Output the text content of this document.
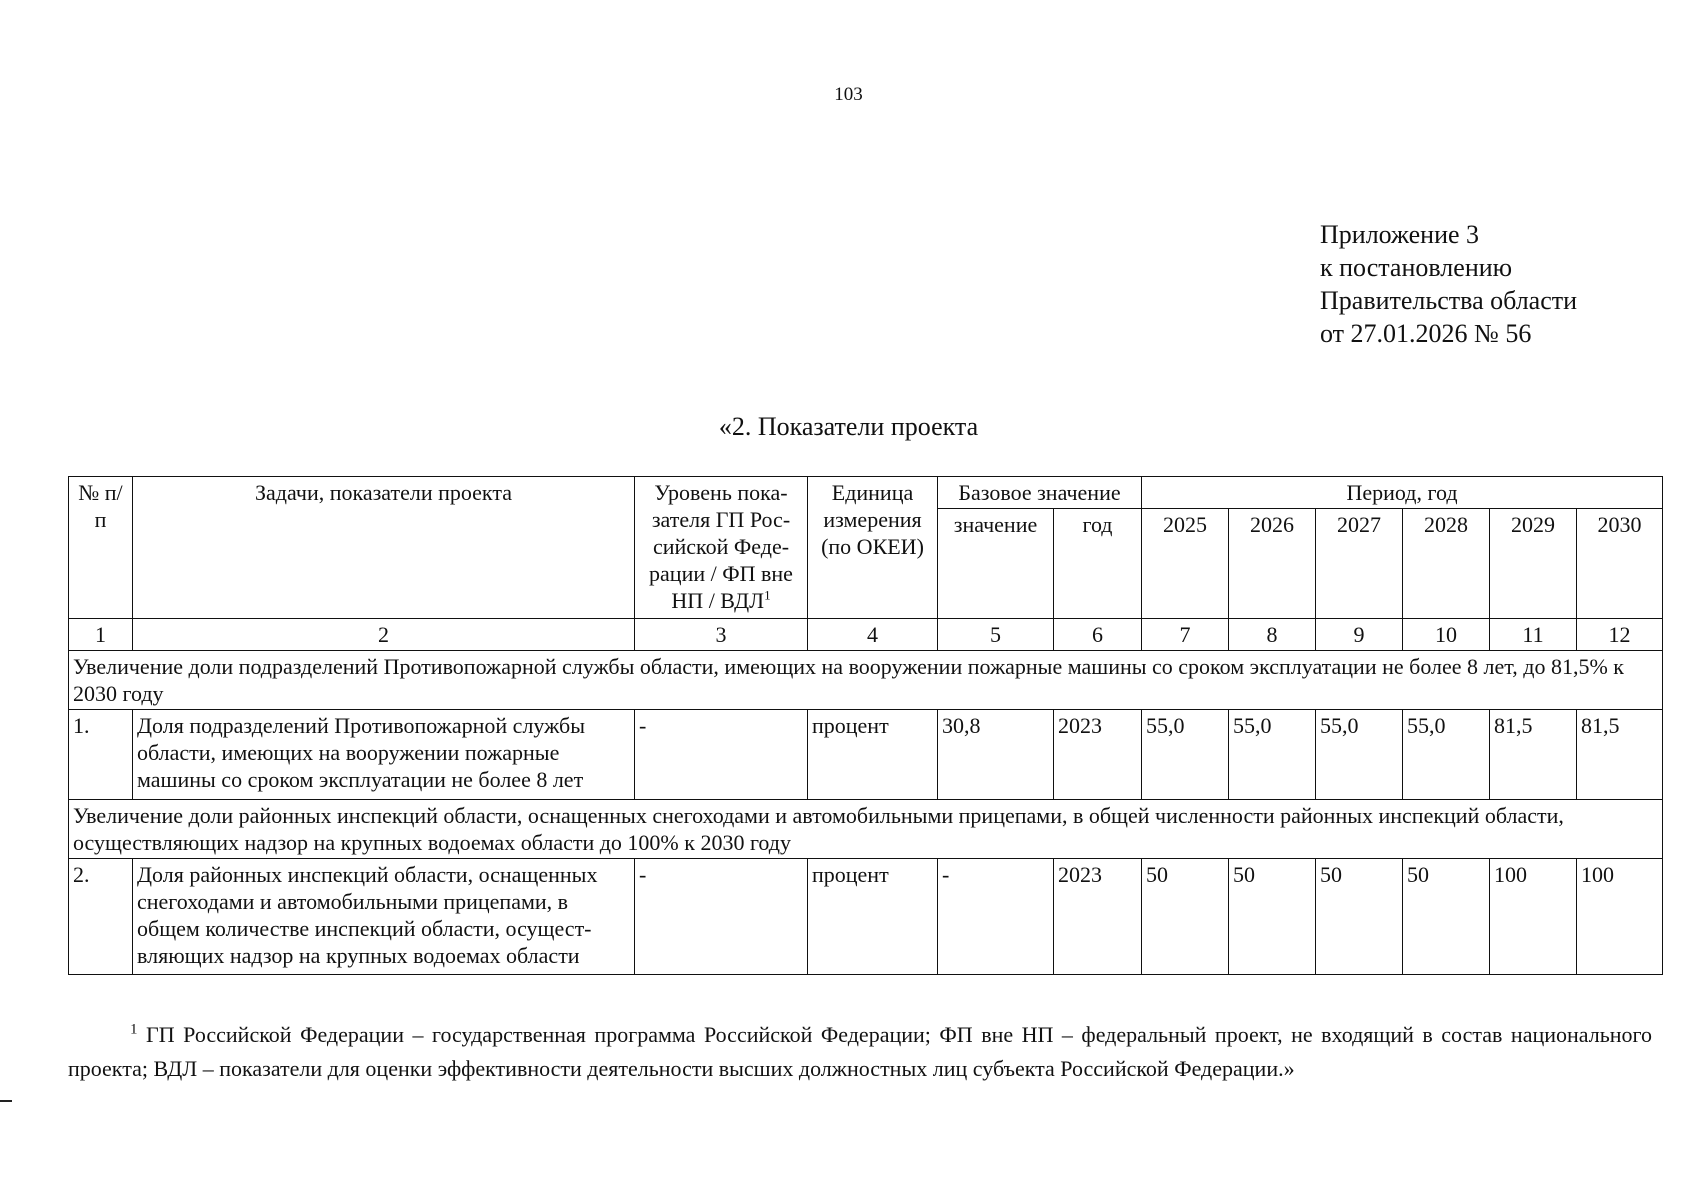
103
Приложение 3
к постановлению
Правительства области
от 27.01.2026 № 56
«2. Показатели проекта
№ п/п	Задачи, показатели проекта	Уровень пока-зателя ГП Рос-сийской Феде-рации / ФП вне НП / ВДЛ$^1$	Единица измерения (по ОКЕИ)	Базовое значение		Период, год					
				значение	год	2025	2026	2027	2028	2029	2030
1	2	3	4	5	6	7	8	9	10	11	12
Увеличение доли подразделений Противопожарной службы области, имеющих на вооружении пожарные машины со сроком эксплуатации не более 8 лет, до 81,5% к 2030 году											
1.	Доля подразделений Противопожарной службы области, имеющих на вооружении пожарные машины со сроком эксплуатации не более 8 лет	-	процент	30,8	2023	55,0	55,0	55,0	55,0	81,5	81,5
Увеличение доли районных инспекций области, оснащенных снегоходами и автомобильными прицепами, в общей численности районных инспекций области, осуществляющих надзор на крупных водоемах области до 100% к 2030 году											
2.	Доля районных инспекций области, оснащенных снегоходами и автомобильными прицепами, в общем количестве инспекций области, осущест-вляющих надзор на крупных водоемах области	-	процент	-	2023	50	50	50	50	100	100
$^1$ ГП Российской Федерации – государственная программа Российской Федерации; ФП вне НП – федеральный проект, не входящий в состав национального проекта; ВДЛ – показатели для оценки эффективности деятельности высших должностных лиц субъекта Российской Федерации.»
